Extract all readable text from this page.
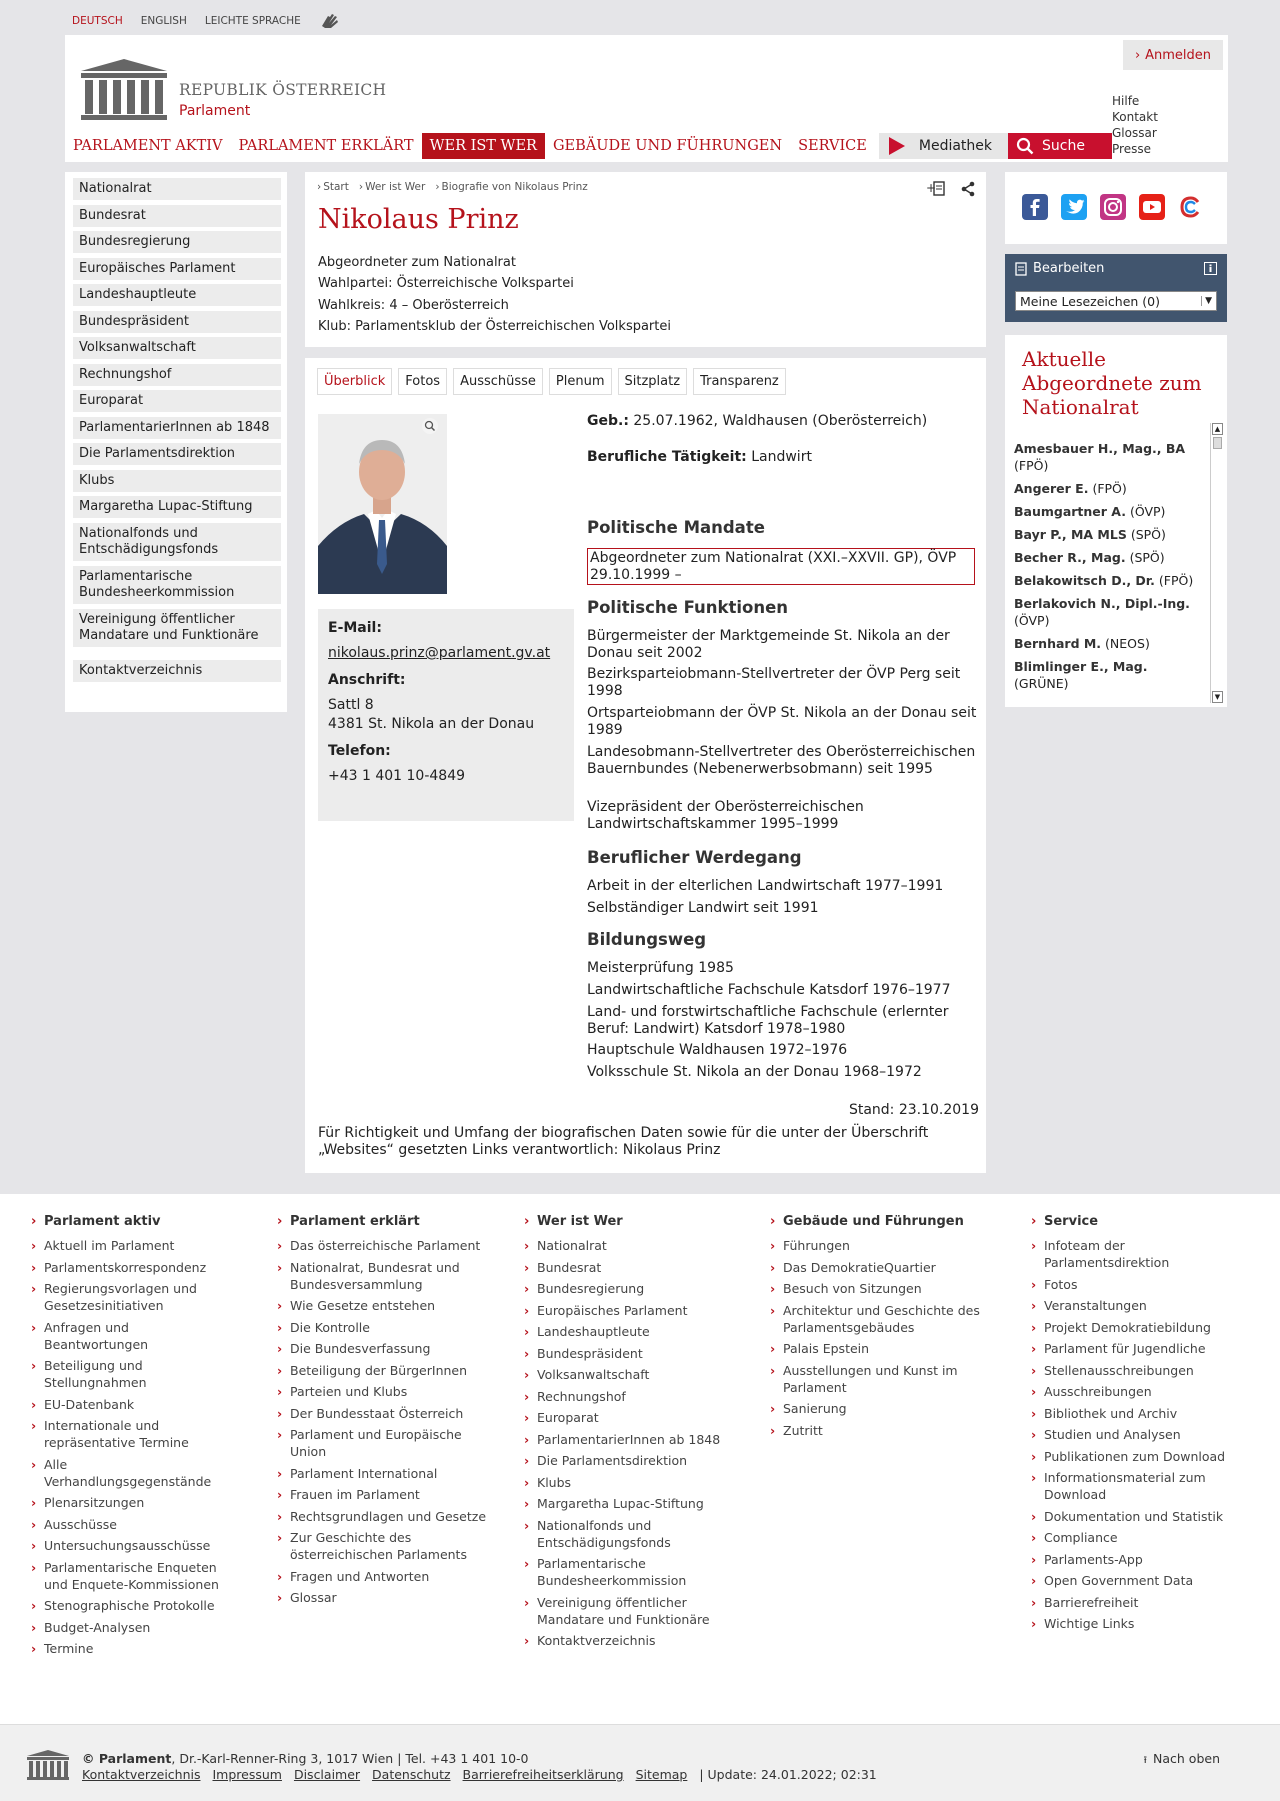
DEUTSCH ENGLISH LEICHTE SPRACHE
REPUBLIK ÖSTERREICH
Parlament
› Anmelden
Hilfe
Kontakt
Glossar
Presse
PARLAMENT AKTIV	PARLAMENT ERKLÄRT	WER IST WER	GEBÄUDE UND FÜHRUNGEN	SERVICE	Mediathek	Suche
Nationalrat
Bundesrat
Bundesregierung
Europäisches Parlament
Landeshauptleute
Bundespräsident
Volksanwaltschaft
Rechnungshof
Europarat
ParlamentarierInnen ab 1848
Die Parlamentsdirektion
Klubs
Margaretha Lupac-Stiftung
Nationalfonds und Entschädigungsfonds
Parlamentarische Bundesheerkommission
Vereinigung öffentlicher Mandatare und Funktionäre
Kontaktverzeichnis
› Start	› Wer ist Wer	› Biografie von Nikolaus Prinz	+
Nikolaus Prinz
Abgeordneter zum Nationalrat
Wahlpartei: Österreichische Volkspartei
Wahlkreis: 4 – Oberösterreich
Klub: Parlamentsklub der Österreichischen Volkspartei
Überblick	Fotos	Ausschüsse	Plenum	Sitzplatz	Transparenz
E-Mail:
nikolaus.prinz@parlament.gv.at
Anschrift:
Sattl 8
4381 St. Nikola an der Donau
Telefon:
+43 1 401 10-4849
Geb.: 25.07.1962, Waldhausen (Oberösterreich)
Berufliche Tätigkeit: Landwirt
Politische Mandate
Abgeordneter zum Nationalrat (XXI.–XXVII. GP), ÖVP 29.10.1999 –
Politische Funktionen
Bürgermeister der Marktgemeinde St. Nikola an der Donau seit 2002
Bezirksparteiobmann-Stellvertreter der ÖVP Perg seit 1998
Ortsparteiobmann der ÖVP St. Nikola an der Donau seit 1989
Landesobmann-Stellvertreter des Oberösterreichischen Bauernbundes (Nebenerwerbsobmann) seit 1995
Vizepräsident der Oberösterreichischen Landwirtschaftskammer 1995–1999
Beruflicher Werdegang
Arbeit in der elterlichen Landwirtschaft 1977–1991
Selbständiger Landwirt seit 1991
Bildungsweg
Meisterprüfung 1985
Landwirtschaftliche Fachschule Katsdorf 1976–1977
Land- und forstwirtschaftliche Fachschule (erlernter Beruf: Landwirt) Katsdorf 1978–1980
Hauptschule Waldhausen 1972–1976
Volksschule St. Nikola an der Donau 1968–1972
Stand: 23.10.2019
Für Richtigkeit und Umfang der biografischen Daten sowie für die unter der Überschrift „Websites“ gesetzten Links verantwortlich: Nikolaus Prinz
Bearbeiten
Meine Lesezeichen (0)	▼
Aktuelle Abgeordnete zum Nationalrat
Amesbauer H., Mag., BA (FPÖ)
Angerer E. (FPÖ)
Baumgartner A. (ÖVP)
Bayr P., MA MLS (SPÖ)
Becher R., Mag. (SPÖ)
Belakowitsch D., Dr. (FPÖ)
Berlakovich N., Dipl.-Ing. (ÖVP)
Bernhard M. (NEOS)
Blimlinger E., Mag. (GRÜNE)
▲
▼
› Parlament aktiv
› Aktuell im Parlament
› Parlamentskorrespondenz
› Regierungsvorlagen und Gesetzesinitiativen
› Anfragen und Beantwortungen
› Beteiligung und Stellungnahmen
› EU-Datenbank
› Internationale und repräsentative Termine
› Alle Verhandlungsgegenstände
› Plenarsitzungen
› Ausschüsse
› Untersuchungsausschüsse
› Parlamentarische Enqueten und Enquete-Kommissionen
› Stenographische Protokolle
› Budget-Analysen
› Termine
› Parlament erklärt
› Das österreichische Parlament
› Nationalrat, Bundesrat und Bundesversammlung
› Wie Gesetze entstehen
› Die Kontrolle
› Die Bundesverfassung
› Beteiligung der BürgerInnen
› Parteien und Klubs
› Der Bundesstaat Österreich
› Parlament und Europäische Union
› Parlament International
› Frauen im Parlament
› Rechtsgrundlagen und Gesetze
› Zur Geschichte des österreichischen Parlaments
› Fragen und Antworten
› Glossar
› Wer ist Wer
› Nationalrat
› Bundesrat
› Bundesregierung
› Europäisches Parlament
› Landeshauptleute
› Bundespräsident
› Volksanwaltschaft
› Rechnungshof
› Europarat
› ParlamentarierInnen ab 1848
› Die Parlamentsdirektion
› Klubs
› Margaretha Lupac-Stiftung
› Nationalfonds und Entschädigungsfonds
› Parlamentarische Bundesheerkommission
› Vereinigung öffentlicher Mandatare und Funktionäre
› Kontaktverzeichnis
› Gebäude und Führungen
› Führungen
› Das DemokratieQuartier
› Besuch von Sitzungen
› Architektur und Geschichte des Parlamentsgebäudes
› Palais Epstein
› Ausstellungen und Kunst im Parlament
› Sanierung
› Zutritt
› Service
› Infoteam der Parlamentsdirektion
› Fotos
› Veranstaltungen
› Projekt Demokratiebildung
› Parlament für Jugendliche
› Stellenausschreibungen
› Ausschreibungen
› Bibliothek und Archiv
› Studien und Analysen
› Publikationen zum Download
› Informationsmaterial zum Download
› Dokumentation und Statistik
› Compliance
› Parlaments-App
› Open Government Data
› Barrierefreiheit
› Wichtige Links
© Parlament, Dr.-Karl-Renner-Ring 3, 1017 Wien | Tel. +43 1 401 10-0
Kontaktverzeichnis Impressum Disclaimer Datenschutz Barrierefreiheitserklärung Sitemap | Update: 24.01.2022; 02:31
⭱ Nach oben
